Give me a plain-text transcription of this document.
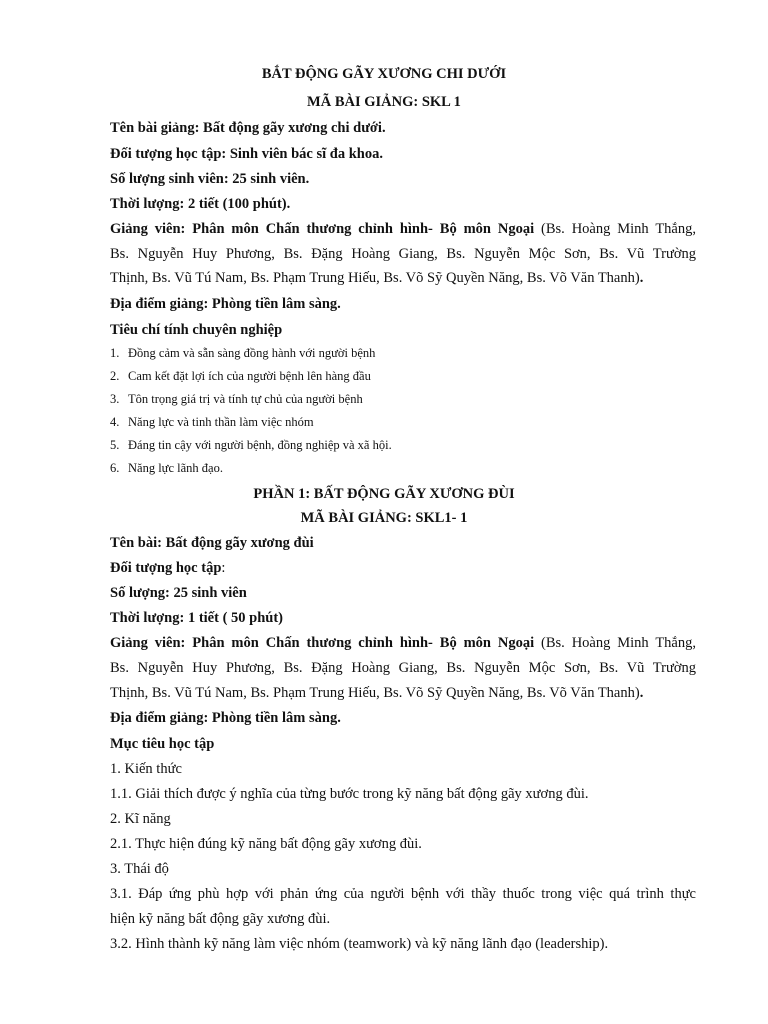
BẮT ĐỘNG GÃY XƯƠNG CHI DƯỚI
MÃ BÀI GIẢNG: SKL 1
Tên bài giảng: Bất động gãy xương chi dưới.
Đối tượng học tập: Sinh viên bác sĩ đa khoa.
Số lượng sinh viên: 25 sinh viên.
Thời lượng: 2 tiết (100 phút).
Giảng viên: Phân môn Chấn thương chỉnh hình- Bộ môn Ngoại (Bs. Hoàng Minh Thắng,
Bs. Nguyễn Huy Phương, Bs. Đặng Hoàng Giang, Bs. Nguyễn Mộc Sơn, Bs. Vũ Trường
Thịnh, Bs. Vũ Tú Nam, Bs. Phạm Trung Hiếu, Bs. Võ Sỹ Quyền Năng, Bs. Võ Văn Thanh).
Địa điểm giảng: Phòng tiền lâm sàng.
Tiêu chí tính chuyên nghiệp
1. Đồng cảm và sẵn sàng đồng hành với người bệnh
2. Cam kết đặt lợi ích của người bệnh lên hàng đầu
3. Tôn trọng giá trị và tính tự chủ của người bệnh
4. Năng lực và tinh thần làm việc nhóm
5. Đáng tin cậy với người bệnh, đồng nghiệp và xã hội.
6. Năng lực lãnh đạo.
PHẦN 1: BẤT ĐỘNG GÃY XƯƠNG ĐÙI
MÃ BÀI GIẢNG: SKL1- 1
Tên bài: Bất động gãy xương đùi
Đối tượng học tập:
Số lượng: 25 sinh viên
Thời lượng: 1 tiết ( 50 phút)
Giảng viên: Phân môn Chấn thương chỉnh hình- Bộ môn Ngoại (Bs. Hoàng Minh Thắng,
Bs. Nguyễn Huy Phương, Bs. Đặng Hoàng Giang, Bs. Nguyễn Mộc Sơn, Bs. Vũ Trường
Thịnh, Bs. Vũ Tú Nam, Bs. Phạm Trung Hiếu, Bs. Võ Sỹ Quyền Năng, Bs. Võ Văn Thanh).
Địa điểm giảng: Phòng tiền lâm sàng.
Mục tiêu học tập
1. Kiến thức
1.1. Giải thích được ý nghĩa của từng bước trong kỹ năng bất động gãy xương đùi.
2. Kĩ năng
2.1. Thực hiện đúng kỹ năng bất động gãy xương đùi.
3. Thái độ
3.1. Đáp ứng phù hợp với phản ứng của người bệnh với thầy thuốc trong việc quá trình thực
hiện kỹ năng bất động gãy xương đùi.
3.2. Hình thành kỹ năng làm việc nhóm (teamwork) và kỹ năng lãnh đạo (leadership).
